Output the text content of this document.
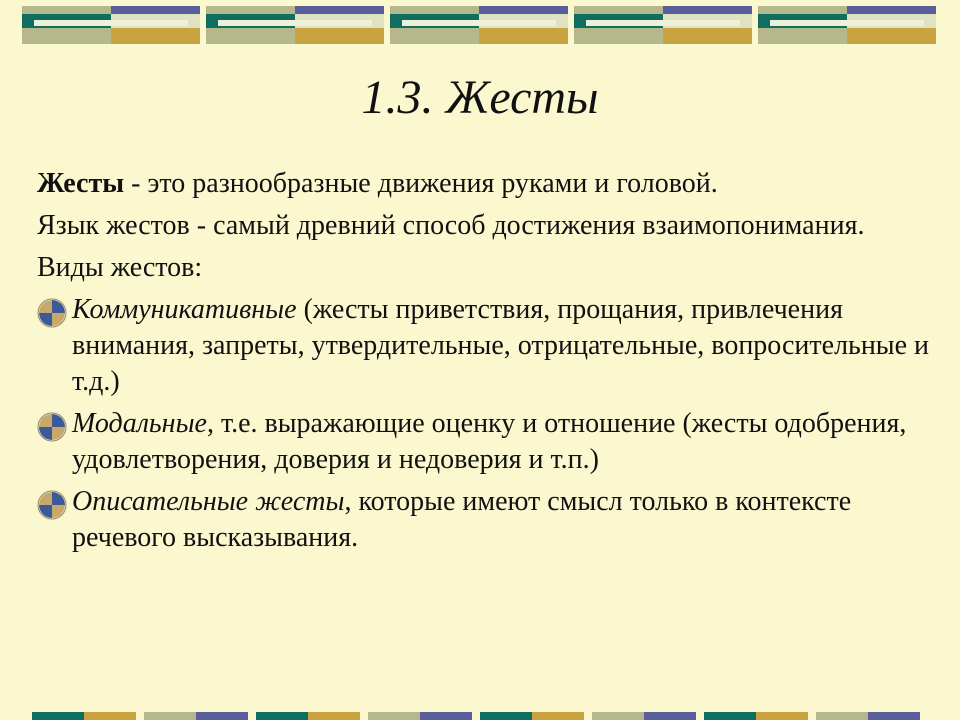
1.3. Жесты

Жесты - это разнообразные движения руками и головой.

Язык жестов - самый древний способ достижения взаимопонимания.

Виды жестов:

Коммуникативные (жесты приветствия, прощания, привлечения внимания, запреты, утвердительные, отрицательные, вопросительные и т.д.)
Модальные, т.е. выражающие оценку и отношение (жесты одобрения, удовлетворения, доверия и недоверия и т.п.)
Описательные жесты, которые имеют смысл только в контексте речевого высказывания.
